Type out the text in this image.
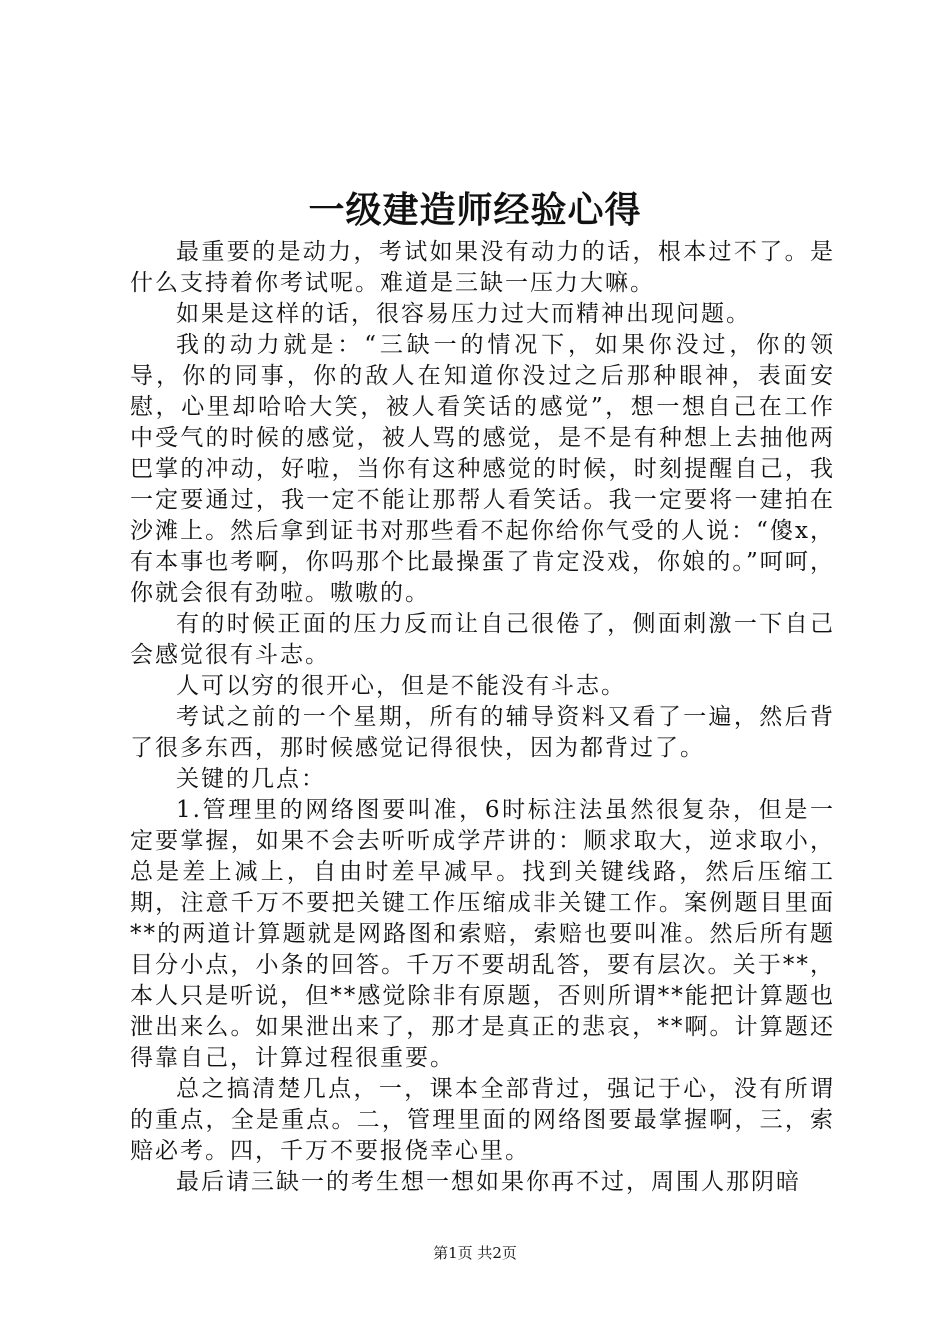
一级建造师经验心得

最重要的是动力，考试如果没有动力的话，根本过不了。是什么支持着你考试呢。难道是三缺一压力大嘛。

如果是这样的话，很容易压力过大而精神出现问题。

我的动力就是：“三缺一的情况下，如果你没过，你的领导，你的同事，你的敌人在知道你没过之后那种眼神，表面安慰，心里却哈哈大笑，被人看笑话的感觉”，想一想自己在工作中受气的时候的感觉，被人骂的感觉，是不是有种想上去抽他两巴掌的冲动，好啦，当你有这种感觉的时候，时刻提醒自己，我一定要通过，我一定不能让那帮人看笑话。我一定要将一建拍在沙滩上。然后拿到证书对那些看不起你给你气受的人说：“傻x，有本事也考啊，你吗那个比最操蛋了肯定没戏，你娘的。”呵呵，你就会很有劲啦。嗷嗷的。

有的时候正面的压力反而让自己很倦了，侧面刺激一下自己会感觉很有斗志。

人可以穷的很开心，但是不能没有斗志。

考试之前的一个星期，所有的辅导资料又看了一遍，然后背了很多东西，那时候感觉记得很快，因为都背过了。

关键的几点：

1.管理里的网络图要叫准，6时标注法虽然很复杂，但是一定要掌握，如果不会去听听成学芹讲的：顺求取大，逆求取小，总是差上减上，自由时差早减早。找到关键线路，然后压缩工期，注意千万不要把关键工作压缩成非关键工作。案例题目里面**的两道计算题就是网路图和索赔，索赔也要叫准。然后所有题目分小点，小条的回答。千万不要胡乱答，要有层次。关于**，本人只是听说，但**感觉除非有原题，否则所谓**能把计算题也泄出来么。如果泄出来了，那才是真正的悲哀，**啊。计算题还得靠自己，计算过程很重要。

总之搞清楚几点，一，课本全部背过，强记于心，没有所谓的重点，全是重点。二，管理里面的网络图要最掌握啊，三，索赔必考。四，千万不要报侥幸心里。

最后请三缺一的考生想一想如果你再不过，周围人那阴暗

第1页 共2页
